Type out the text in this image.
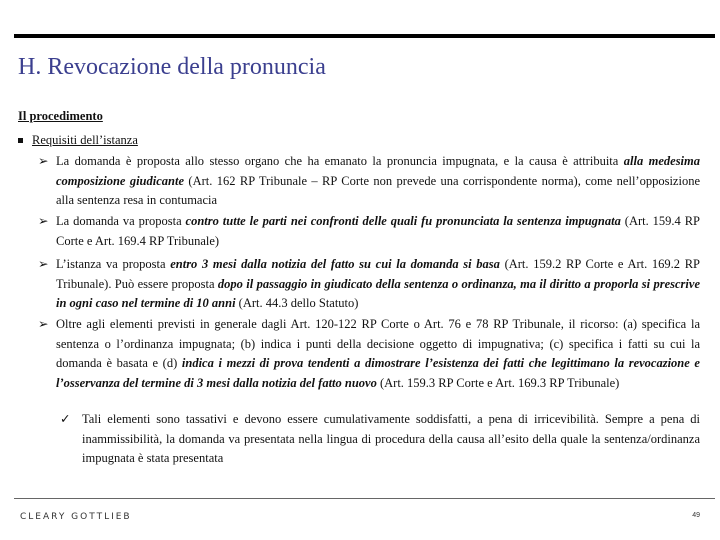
H. Revocazione della pronuncia
Il procedimento
Requisiti dell’istanza
➢ La domanda è proposta allo stesso organo che ha emanato la pronuncia impugnata, e la causa è attribuita alla medesima composizione giudicante (Art. 162 RP Tribunale – RP Corte non prevede una corrispondente norma), come nell’opposizione alla sentenza resa in contumacia
➢ La domanda va proposta contro tutte le parti nei confronti delle quali fu pronunciata la sentenza impugnata (Art. 159.4 RP Corte e Art. 169.4 RP Tribunale)
➢ L’istanza va proposta entro 3 mesi dalla notizia del fatto su cui la domanda si basa (Art. 159.2 RP Corte e Art. 169.2 RP Tribunale). Può essere proposta dopo il passaggio in giudicato della sentenza o ordinanza, ma il diritto a proporla si prescrive in ogni caso nel termine di 10 anni (Art. 44.3 dello Statuto)
➢ Oltre agli elementi previsti in generale dagli Art. 120-122 RP Corte o Art. 76 e 78 RP Tribunale, il ricorso: (a) specifica la sentenza o l’ordinanza impugnata; (b) indica i punti della decisione oggetto di impugnativa; (c) specifica i fatti su cui la domanda è basata e (d) indica i mezzi di prova tendenti a dimostrare l’esistenza dei fatti che legittimano la revocazione e l’osservanza del termine di 3 mesi dalla notizia del fatto nuovo (Art. 159.3 RP Corte e Art. 169.3 RP Tribunale)
✓ Tali elementi sono tassativi e devono essere cumulativamente soddisfatti, a pena di irricevibilità. Sempre a pena di inammissibilità, la domanda va presentata nella lingua di procedura della causa all’esito della quale la sentenza/ordinanza impugnata è stata presentata
CLEARY GOTTLIEB	49
